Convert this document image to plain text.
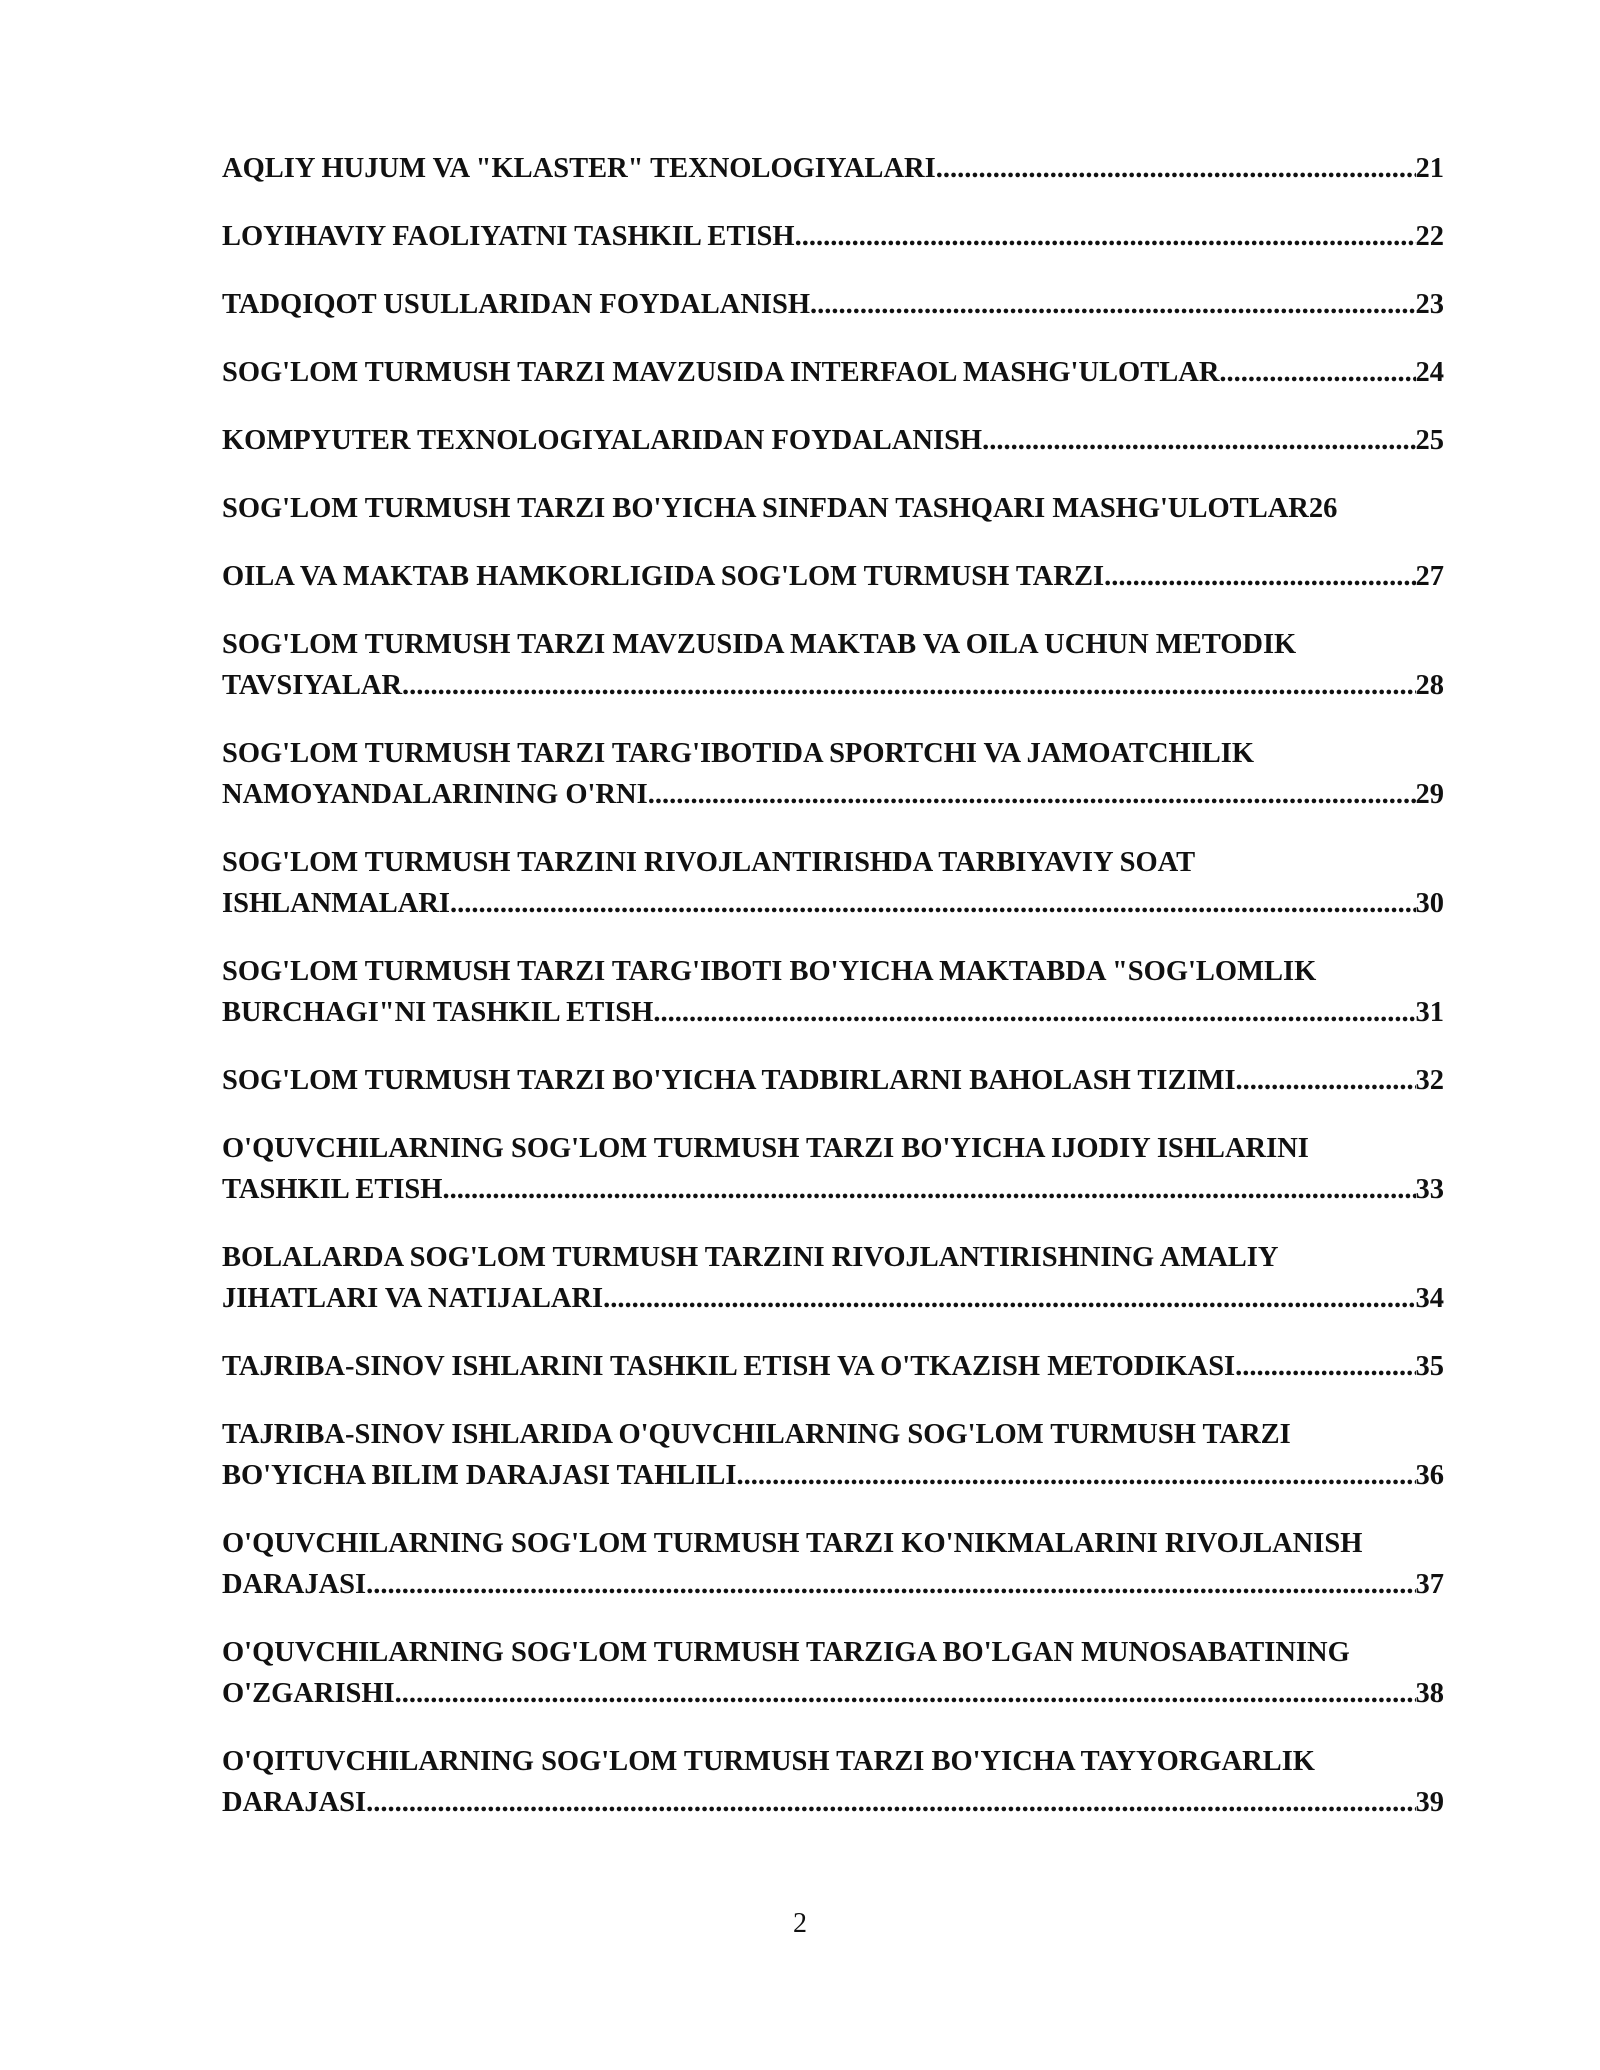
AQLIY HUJUM VA "KLASTER" TEXNOLOGIYALARI .....	21
LOYIHAVIY FAOLIYATNI TASHKIL ETISH .....	22
TADQIQOT USULLARIDAN FOYDALANISH .....	23
SOG'LOM TURMUSH TARZI MAVZUSIDA INTERFAOL MASHG'ULOTLAR .....	24
KOMPYUTER TEXNOLOGIYALARIDAN FOYDALANISH .....	25
SOG'LOM TURMUSH TARZI BO'YICHA SINFDAN TASHQARI MASHG'ULOTLAR 26
OILA VA MAKTAB HAMKORLIGIDA SOG'LOM TURMUSH TARZI .....	27
SOG'LOM TURMUSH TARZI MAVZUSIDA MAKTAB VA OILA UCHUN METODIK
TAVSIYALAR .....	28
SOG'LOM TURMUSH TARZI TARG'IBOTIDA SPORTCHI VA JAMOATCHILIK
NAMOYANDALARINING O'RNI .....	29
SOG'LOM TURMUSH TARZINI RIVOJLANTIRISHDA TARBIYAVIY SOAT
ISHLANMALARI .....	30
SOG'LOM TURMUSH TARZI TARG'IBOTI BO'YICHA MAKTABDA "SOG'LOMLIK
BURCHAGI"NI TASHKIL ETISH .....	31
SOG'LOM TURMUSH TARZI BO'YICHA TADBIRLARNI BAHOLASH TIZIMI .....	32
O'QUVCHILARNING SOG'LOM TURMUSH TARZI BO'YICHA IJODIY ISHLARINI
TASHKIL ETISH .....	33
BOLALARDA SOG'LOM TURMUSH TARZINI RIVOJLANTIRISHNING AMALIY
JIHATLARI VA NATIJALARI .....	34
TAJRIBA-SINOV ISHLARINI TASHKIL ETISH VA O'TKAZISH METODIKASI .....	35
TAJRIBA-SINOV ISHLARIDA O'QUVCHILARNING SOG'LOM TURMUSH TARZI
BO'YICHA BILIM DARAJASI TAHLILI .....	36
O'QUVCHILARNING SOG'LOM TURMUSH TARZI KO'NIKMALARINI RIVOJLANISH
DARAJASI .....	37
O'QUVCHILARNING SOG'LOM TURMUSH TARZIGA BO'LGAN MUNOSABATINING
O'ZGARISHI .....	38
O'QITUVCHILARNING SOG'LOM TURMUSH TARZI BO'YICHA TAYYORGARLIK
DARAJASI .....	39
2
